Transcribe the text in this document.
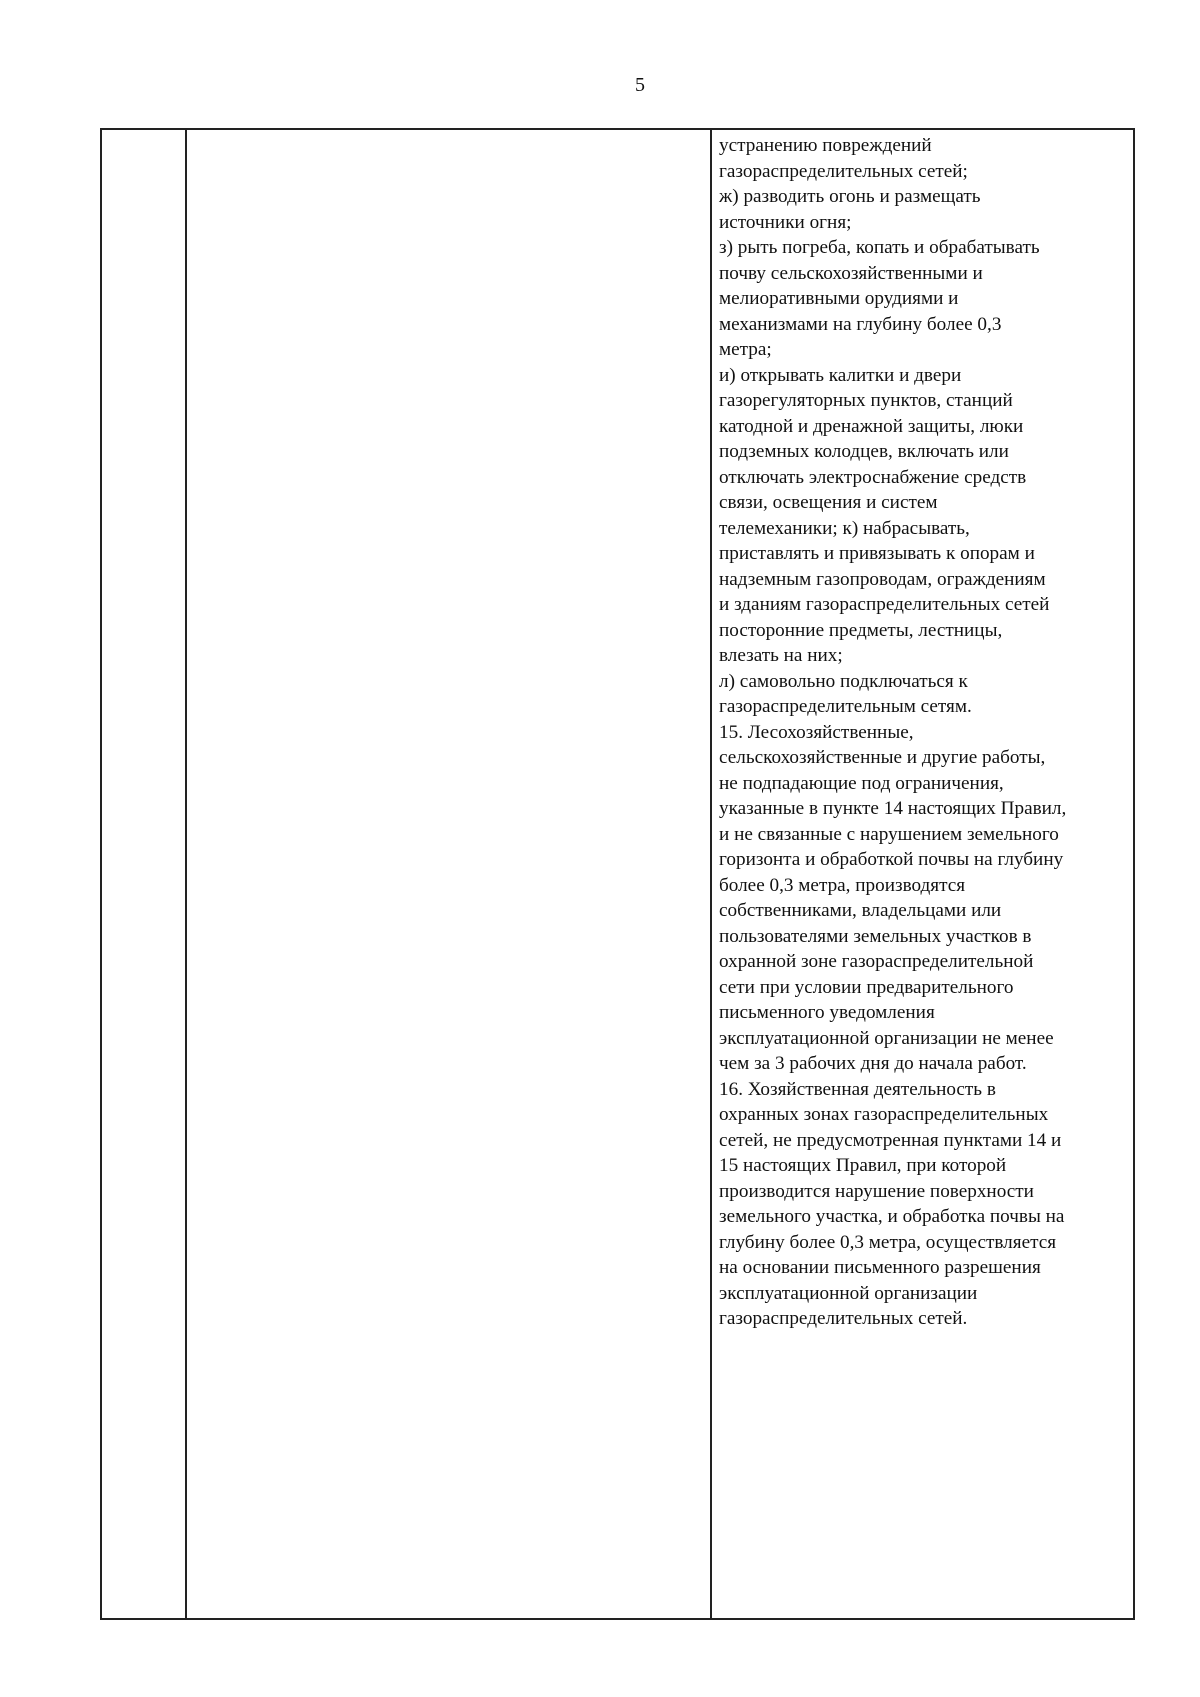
5
устранению повреждений
газораспределительных сетей;
ж) разводить огонь и размещать
источники огня;
з) рыть погреба, копать и обрабатывать
почву сельскохозяйственными и
мелиоративными орудиями и
механизмами на глубину более 0,3
метра;
и) открывать калитки и двери
газорегуляторных пунктов, станций
катодной и дренажной защиты, люки
подземных колодцев, включать или
отключать электроснабжение средств
связи, освещения и систем
телемеханики; к) набрасывать,
приставлять и привязывать к опорам и
надземным газопроводам, ограждениям
и зданиям газораспределительных сетей
посторонние предметы, лестницы,
влезать на них;
л) самовольно подключаться к
газораспределительным сетям.
15. Лесохозяйственные,
сельскохозяйственные и другие работы,
не подпадающие под ограничения,
указанные в пункте 14 настоящих Правил,
и не связанные с нарушением земельного
горизонта и обработкой почвы на глубину
более 0,3 метра, производятся
собственниками, владельцами или
пользователями земельных участков в
охранной зоне газораспределительной
сети при условии предварительного
письменного уведомления
эксплуатационной организации не менее
чем за 3 рабочих дня до начала работ.
16. Хозяйственная деятельность в
охранных зонах газораспределительных
сетей, не предусмотренная пунктами 14 и
15 настоящих Правил, при которой
производится нарушение поверхности
земельного участка, и обработка почвы на
глубину более 0,3 метра, осуществляется
на основании письменного разрешения
эксплуатационной организации
газораспределительных сетей.
